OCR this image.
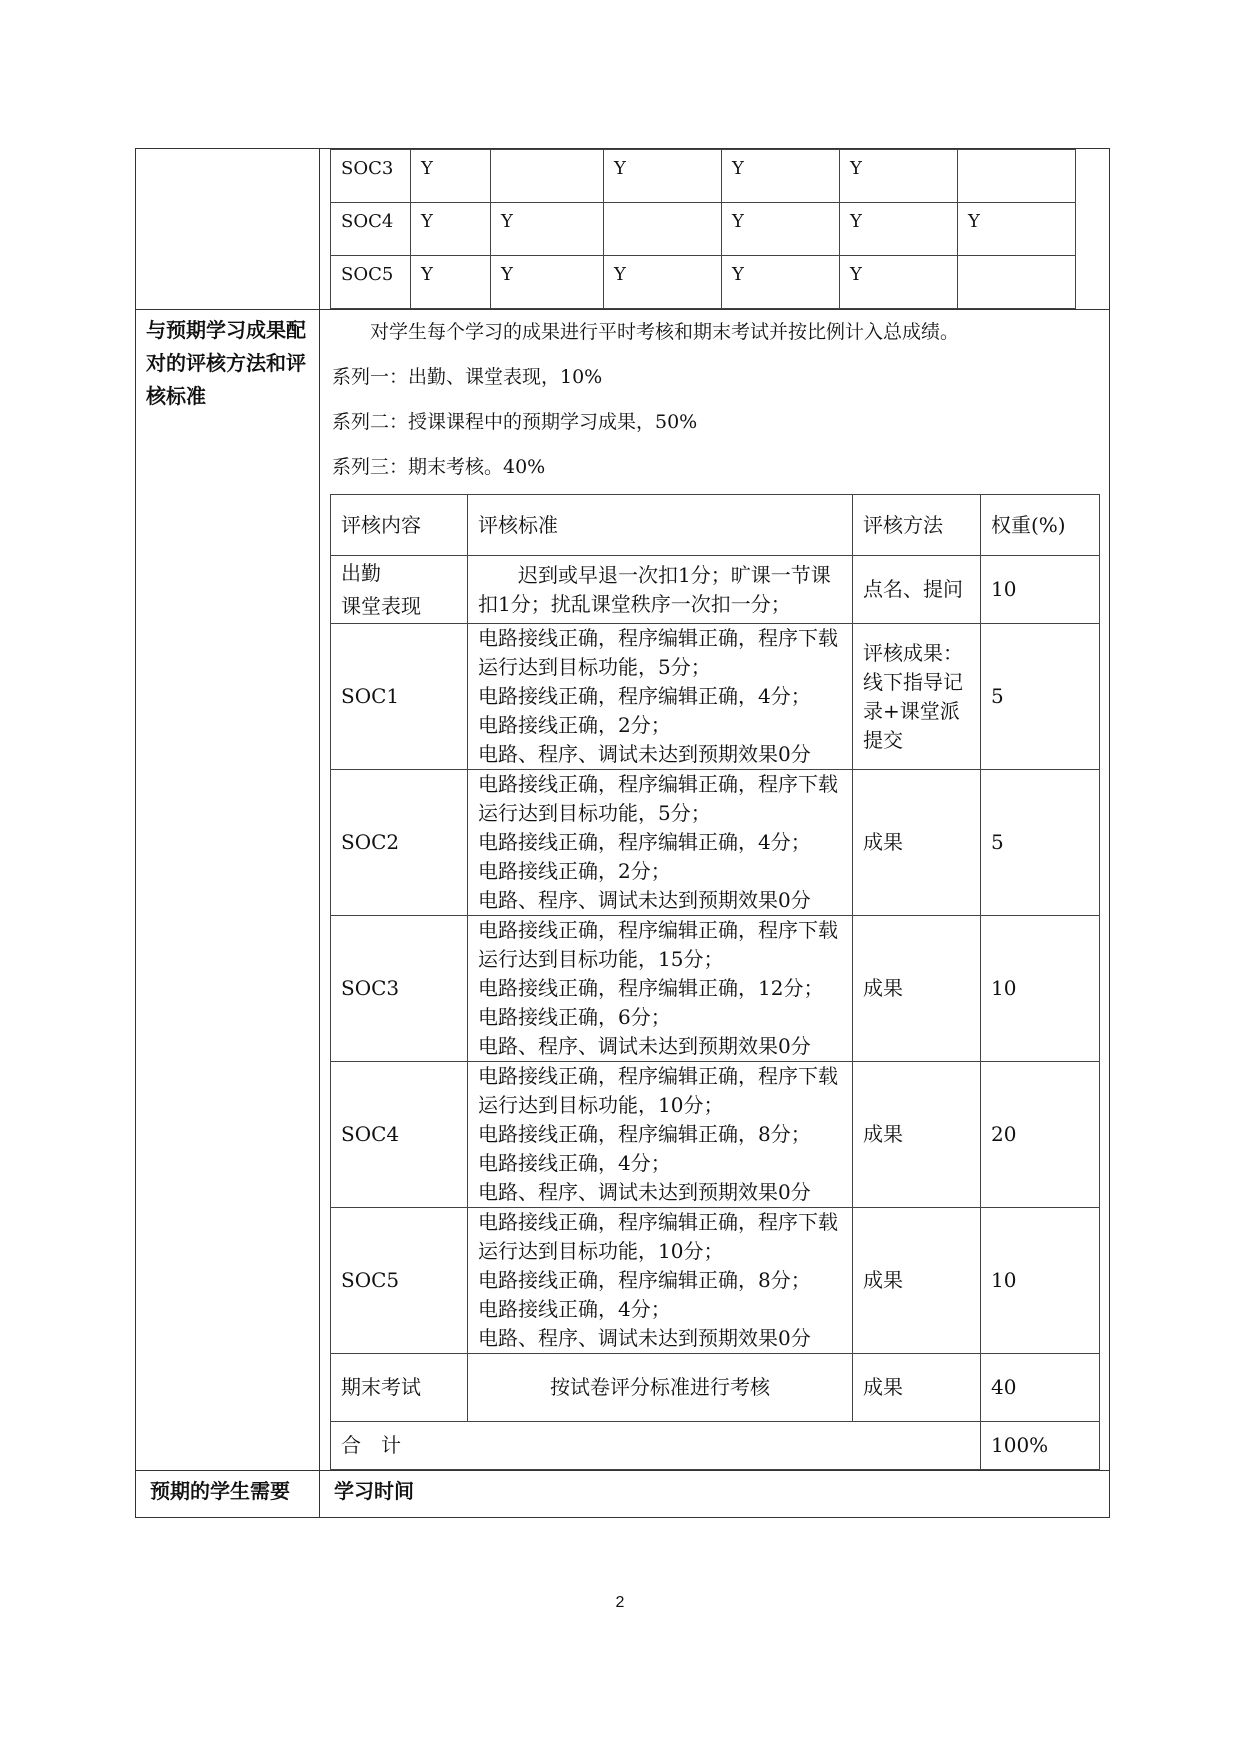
SOC3	Y		Y	Y	Y	
SOC4	Y	Y		Y	Y	Y
SOC5	Y	Y	Y	Y	Y	

与预期学习成果配对的评核方法和评核标准	
对学生每个学习的成果进行平时考核和期末考试并按比例计入总成绩。
系列一：出勤、课堂表现，10%
系列二：授课课程中的预期学习成果，50%
系列三：期末考核。40%
评核内容	评核标准	评核方法	权重(%)
出勤
课堂表现	迟到或早退一次扣1分；旷课一节课扣1分；扰乱课堂秩序一次扣一分；	点名、提问	10
SOC1	电路接线正确，程序编辑正确，程序下载运行达到目标功能，5分；
电路接线正确，程序编辑正确，4分；
电路接线正确，2分；
电路、程序、调试未达到预期效果0分	评核成果：线下指导记录+课堂派提交	5
SOC2	电路接线正确，程序编辑正确，程序下载运行达到目标功能，5分；
电路接线正确，程序编辑正确，4分；
电路接线正确，2分；
电路、程序、调试未达到预期效果0分	成果	5
SOC3	电路接线正确，程序编辑正确，程序下载运行达到目标功能，15分；
电路接线正确，程序编辑正确，12分；
电路接线正确，6分；
电路、程序、调试未达到预期效果0分	成果	10
SOC4	电路接线正确，程序编辑正确，程序下载运行达到目标功能，10分；
电路接线正确，程序编辑正确，8分；
电路接线正确，4分；
电路、程序、调试未达到预期效果0分	成果	20
SOC5	电路接线正确，程序编辑正确，程序下载运行达到目标功能，10分；
电路接线正确，程序编辑正确，8分；
电路接线正确，4分；
电路、程序、调试未达到预期效果0分	成果	10
期末考试	按试卷评分标准进行考核	成果	40
合　计	100%

预期的学生需要	学习时间
2
